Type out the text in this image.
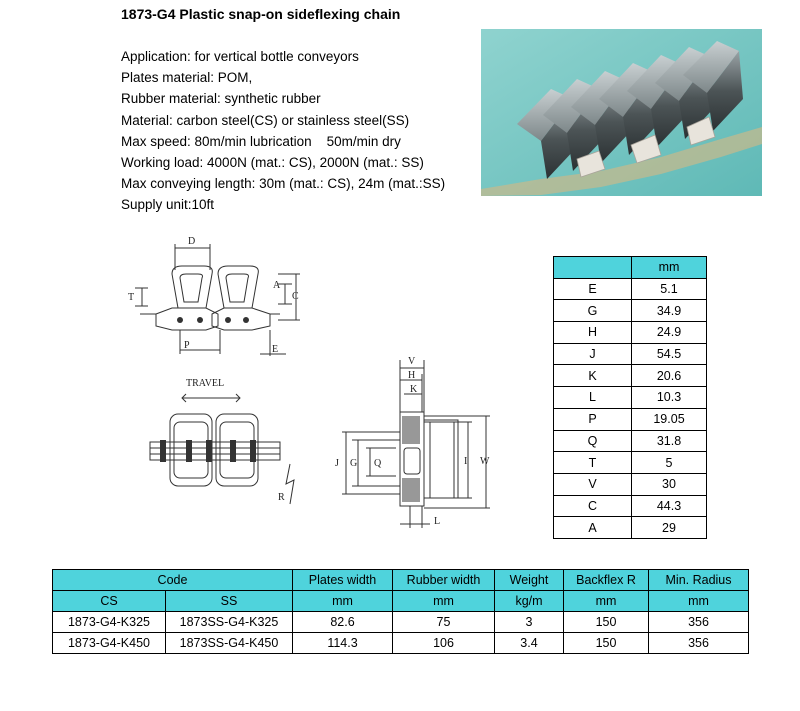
1873-G4 Plastic snap-on sideflexing chain
Application: for vertical bottle conveyors
Plates material: POM,
Rubber material: synthetic rubber
Material: carbon steel(CS) or stainless steel(SS)
Max speed: 80m/min lubrication    50m/min dry
Working load: 4000N (mat.: CS), 2000N (mat.: SS)
Max conveying length: 30m (mat.: CS), 24m (mat.:SS)
Supply unit:10ft
D
T
A
C
P	E
TRAVEL
R
V
H
K
J G Q	I W
L
	mm
E	5.1
G	34.9
H	24.9
J	54.5
K	20.6
L	10.3
P	19.05
Q	31.8
T	5
V	30
C	44.3
A	29
Code		Plates width	Rubber width	Weight	Backflex R	Min. Radius
CS	SS	mm	mm	kg/m	mm	mm
1873-G4-K325	1873SS-G4-K325	82.6	75	3	150	356
1873-G4-K450	1873SS-G4-K450	114.3	106	3.4	150	356
